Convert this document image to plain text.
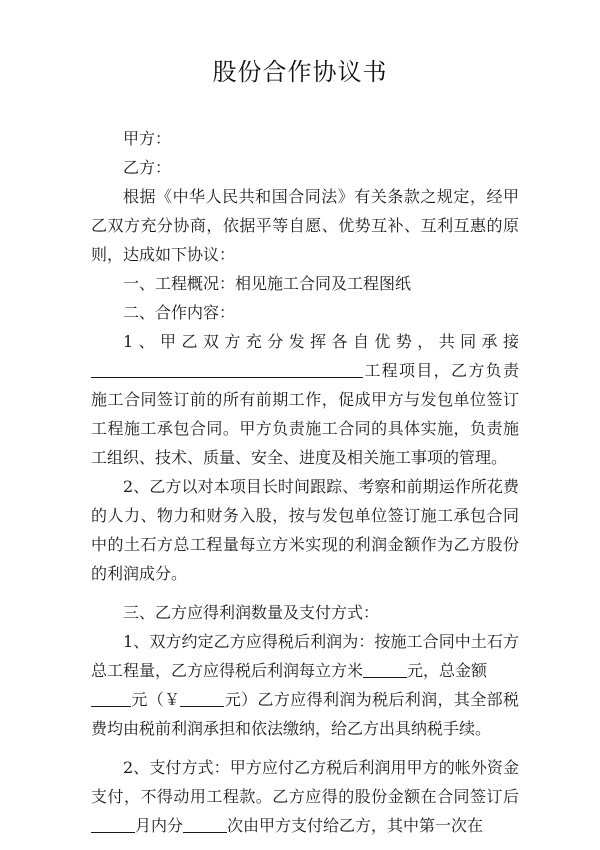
股份合作协议书

甲方：

乙方：

根据《中华人民共和国合同法》有关条款之规定，经甲乙双方充分协商，依据平等自愿、优势互补、互利互惠的原则，达成如下协议：

一、工程概况：相见施工合同及工程图纸

二、合作内容：

1、甲乙双方充分发挥各自优势，共同承接

工程项目，乙方负责施工合同签订前的所有前期工作，促成甲方与发包单位签订工程施工承包合同。甲方负责施工合同的具体实施，负责施工组织、技术、质量、安全、进度及相关施工事项的管理。

2、乙方以对本项目长时间跟踪、考察和前期运作所花费的人力、物力和财务入股，按与发包单位签订施工承包合同中的土石方总工程量每立方米实现的利润金额作为乙方股份的利润成分。

三、乙方应得利润数量及支付方式：

1、双方约定乙方应得税后利润为：按施工合同中土石方总工程量，乙方应得税后利润每立方米	元，总金额
元（￥	元）乙方应得利润为税后利润，其全部税费均由税前利润承担和依法缴纳，给乙方出具纳税手续。

2、支付方式：甲方应付乙方税后利润用甲方的帐外资金支付，不得动用工程款。乙方应得的股份金额在合同签订后月内分	次由甲方支付给乙方，其中第一次在
